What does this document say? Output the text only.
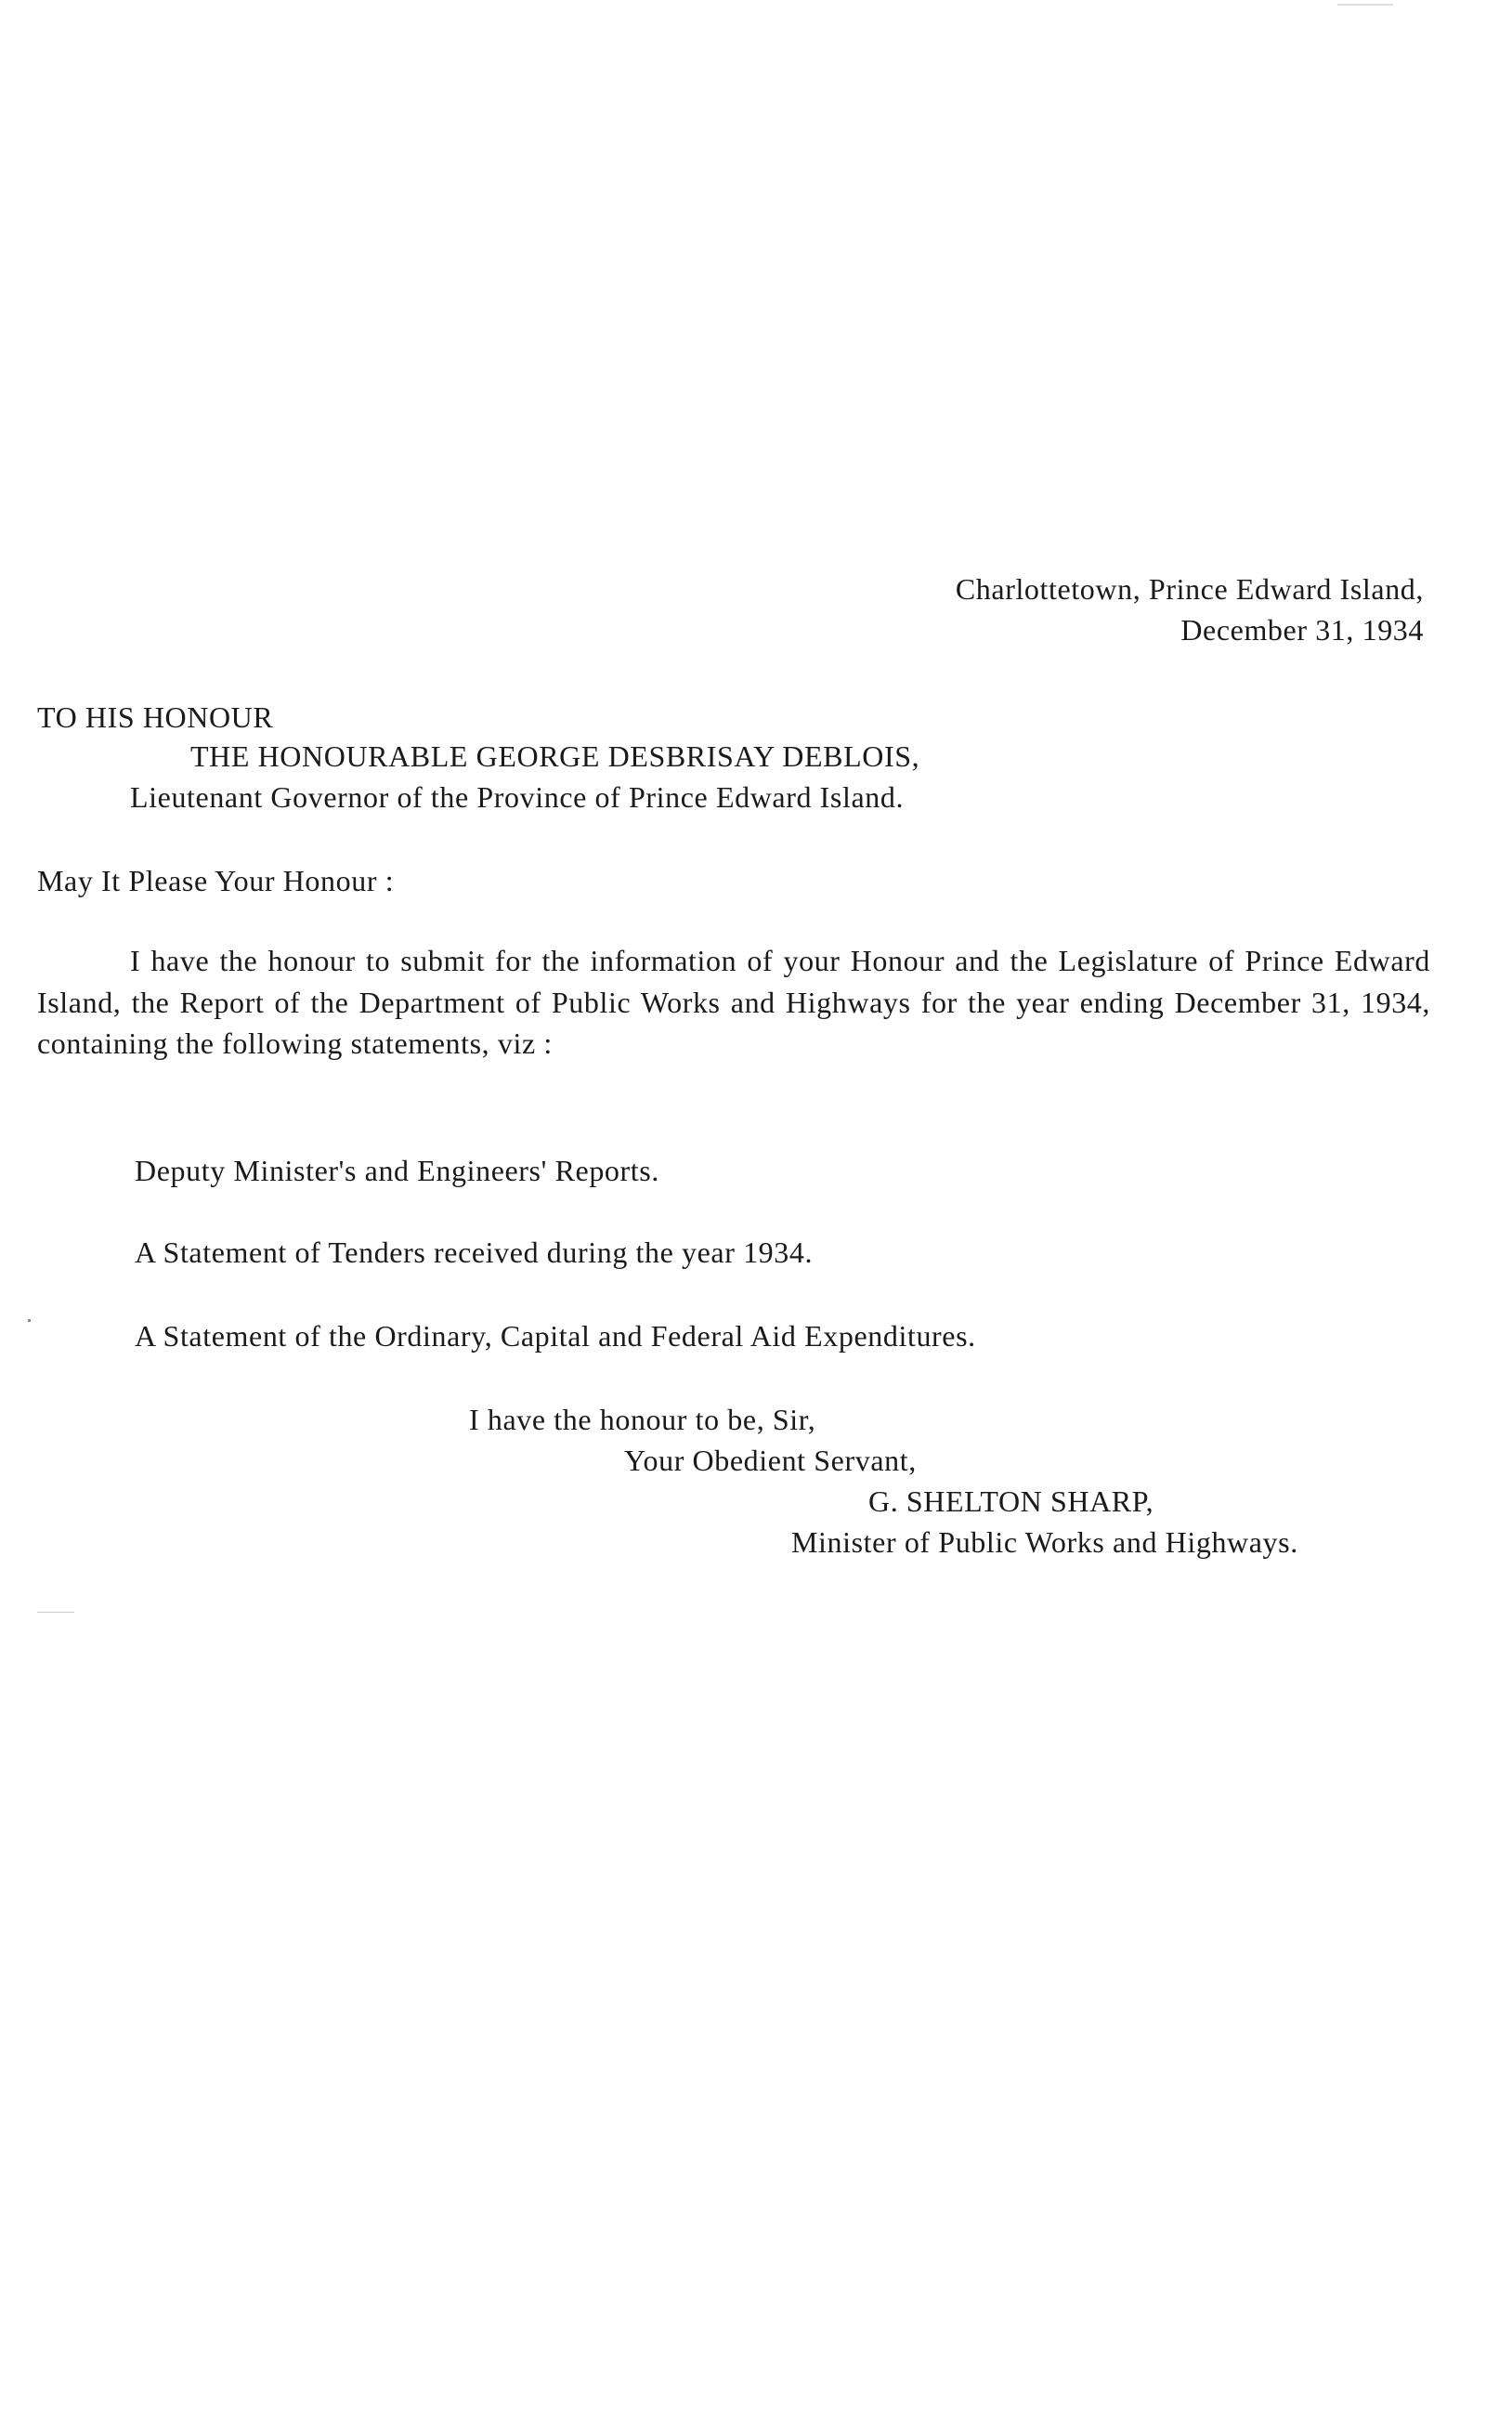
Charlottetown, Prince Edward Island,
December 31, 1934
TO HIS HONOUR
THE HONOURABLE GEORGE DESBRISAY DEBLOIS,
Lieutenant Governor of the Province of Prince Edward Island.
May It Please Your Honour :
I have the honour to submit for the information of your Honour and the Legislature of Prince Edward Island, the Report of the Department of Public Works and Highways for the year ending December 31, 1934, containing the following statements, viz :
Deputy Minister's and Engineers' Reports.
A Statement of Tenders received during the year 1934.
A Statement of the Ordinary, Capital and Federal Aid Expenditures.
I have the honour to be, Sir,
Your Obedient Servant,
G. SHELTON SHARP,
Minister of Public Works and Highways.
